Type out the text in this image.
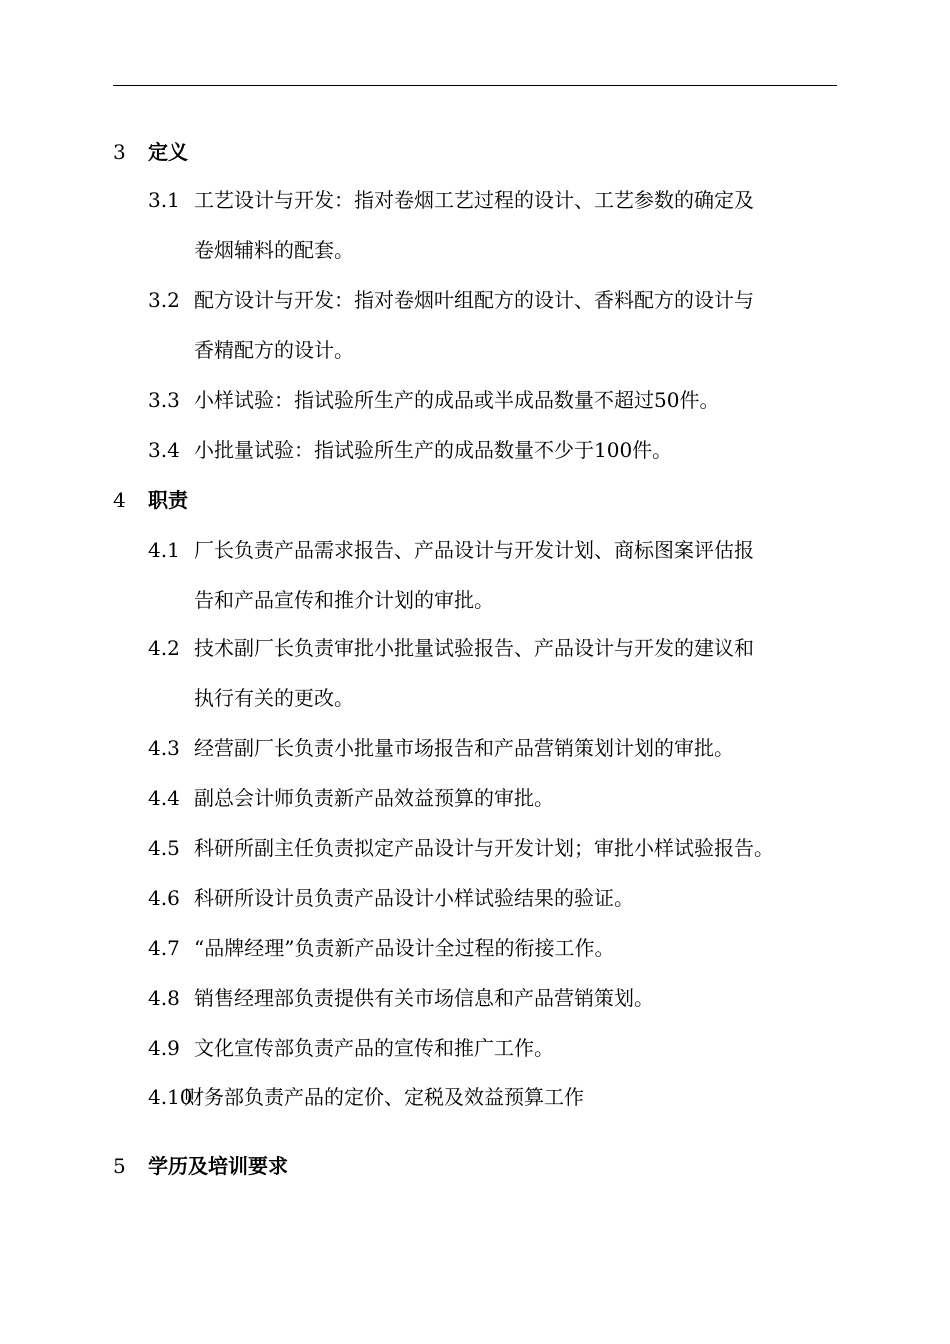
3 定义
3.1 工艺设计与开发：指对卷烟工艺过程的设计、工艺参数的确定及
卷烟辅料的配套。
3.2 配方设计与开发：指对卷烟叶组配方的设计、香料配方的设计与
香精配方的设计。
3.3 小样试验：指试验所生产的成品或半成品数量不超过50件。
3.4 小批量试验：指试验所生产的成品数量不少于100件。
4 职责
4.1 厂长负责产品需求报告、产品设计与开发计划、商标图案评估报
告和产品宣传和推介计划的审批。
4.2 技术副厂长负责审批小批量试验报告、产品设计与开发的建议和
执行有关的更改。
4.3 经营副厂长负责小批量市场报告和产品营销策划计划的审批。
4.4 副总会计师负责新产品效益预算的审批。
4.5 科研所副主任负责拟定产品设计与开发计划；审批小样试验报告。
4.6 科研所设计员负责产品设计小样试验结果的验证。
4.7 “品牌经理”负责新产品设计全过程的衔接工作。
4.8 销售经理部负责提供有关市场信息和产品营销策划。
4.9 文化宣传部负责产品的宣传和推广工作。
4.10
财务部负责产品的定价、定税及效益预算工作
5 学历及培训要求
